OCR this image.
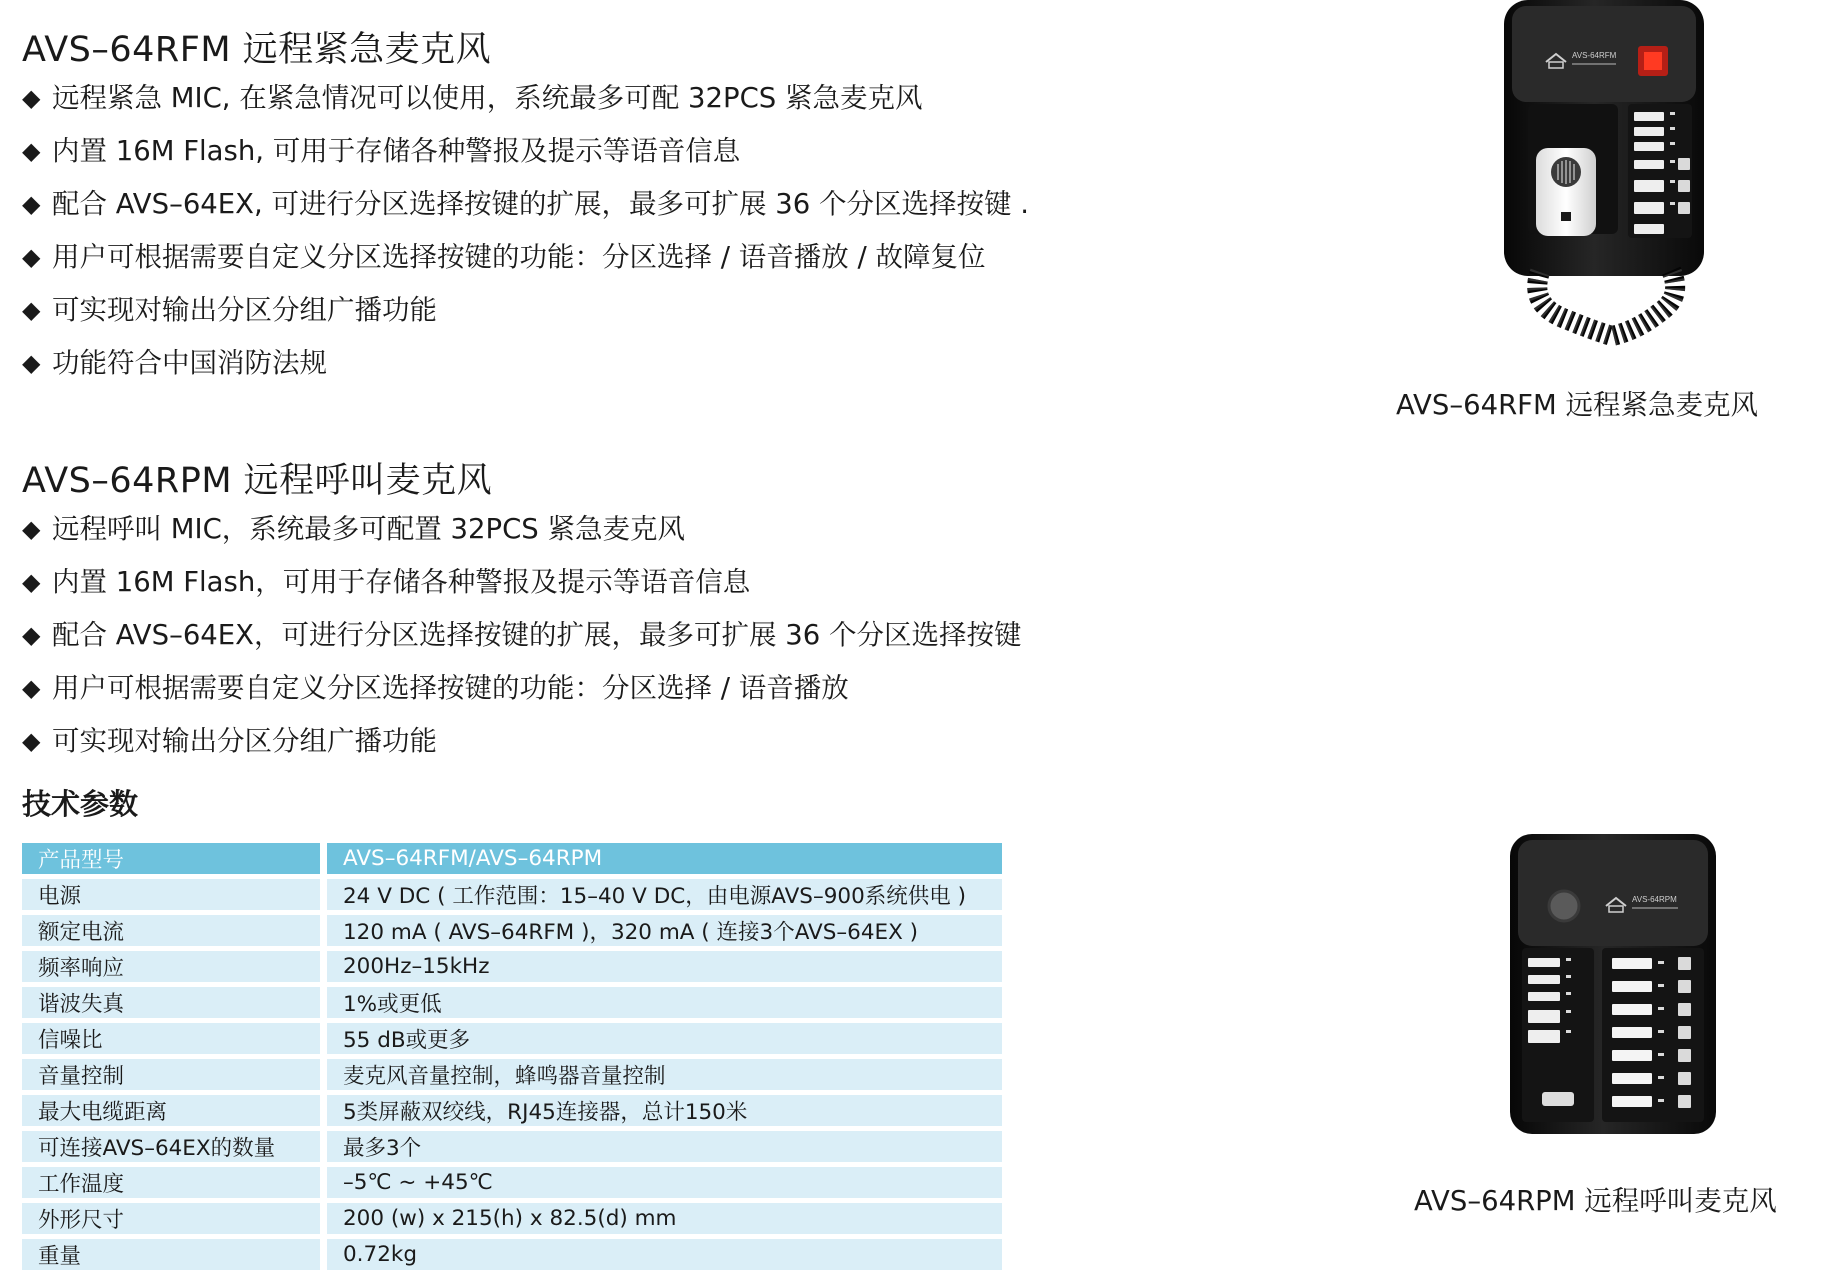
AVS–64RFM 远程紧急麦克风
◆ 远程紧急 MIC, 在紧急情况可以使用，系统最多可配 32PCS 紧急麦克风
◆ 内置 16M Flash, 可用于存储各种警报及提示等语音信息
◆ 配合 AVS–64EX, 可进行分区选择按键的扩展，最多可扩展 36 个分区选择按键 .
◆ 用户可根据需要自定义分区选择按键的功能：分区选择 / 语音播放 / 故障复位
◆ 可实现对输出分区分组广播功能
◆ 功能符合中国消防法规
AVS–64RPM 远程呼叫麦克风
◆ 远程呼叫 MIC，系统最多可配置 32PCS 紧急麦克风
◆ 内置 16M Flash，可用于存储各种警报及提示等语音信息
◆ 配合 AVS–64EX，可进行分区选择按键的扩展，最多可扩展 36 个分区选择按键
◆ 用户可根据需要自定义分区选择按键的功能：分区选择 / 语音播放
◆ 可实现对输出分区分组广播功能
技术参数
产品型号	AVS–64RFM/AVS–64RPM
电源	24 V DC ( 工作范围：15–40 V DC，由电源AVS–900系统供电 )
额定电流	120 mA ( AVS–64RFM )，320 mA ( 连接3个AVS–64EX )
频率响应	200Hz–15kHz
谐波失真	1%或更低
信噪比	55 dB或更多
音量控制	麦克风音量控制，蜂鸣器音量控制
最大电缆距离	5类屏蔽双绞线，RJ45连接器，总计150米
可连接AVS–64EX的数量	最多3个
工作温度	–5℃ ~ +45℃
外形尺寸	200 (w) x 215(h) x 82.5(d) mm
重量	0.72kg
AVS-64RFM

AVS–64RFM 远程紧急麦克风

AVS-64RPM

AVS–64RPM 远程呼叫麦克风
